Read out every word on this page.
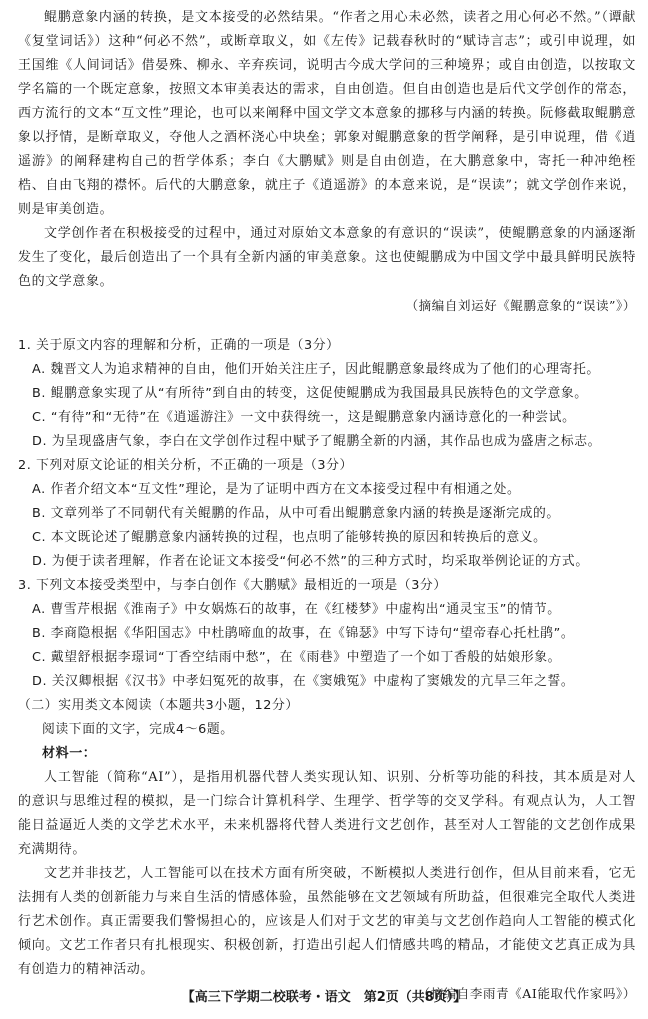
鲲鹏意象内涵的转换，是文本接受的必然结果。“作者之用心未必然，读者之用心何必不然。”（谭献《复堂词话》）这种“何必不然”，或断章取义，如《左传》记载春秋时的“赋诗言志”；或引申说理，如王国维《人间词话》借晏殊、柳永、辛弃疾词，说明古今成大学问的三种境界；或自由创造，以按取文学名篇的一个既定意象，按照文本审美表达的需求，自由创造。但自由创造也是后代文学创作的常态，西方流行的文本“互文性”理论，也可以来阐释中国文学文本意象的挪移与内涵的转换。阮修截取鲲鹏意象以抒情，是断章取义，夺他人之酒杯浇心中块垒；郭象对鲲鹏意象的哲学阐释，是引申说理，借《逍遥游》的阐释建构自己的哲学体系；李白《大鹏赋》则是自由创造，在大鹏意象中，寄托一种冲绝桎梏、自由飞翔的襟怀。后代的大鹏意象，就庄子《逍遥游》的本意来说，是“误读”；就文学创作来说，则是审美创造。

文学创作者在积极接受的过程中，通过对原始文本意象的有意识的“误读”，使鲲鹏意象的内涵逐渐发生了变化，最后创造出了一个具有全新内涵的审美意象。这也使鲲鹏成为中国文学中最具鲜明民族特色的文学意象。

（摘编自刘运好《鲲鹏意象的“误读”》）

1. 关于原文内容的理解和分析，正确的一项是（3分）

A. 魏晋文人为追求精神的自由，他们开始关注庄子，因此鲲鹏意象最终成为了他们的心理寄托。

B. 鲲鹏意象实现了从“有所待”到自由的转变，这促使鲲鹏成为我国最具民族特色的文学意象。

C. “有待”和“无待”在《逍遥游注》一文中获得统一，这是鲲鹏意象内涵诗意化的一种尝试。

D. 为呈现盛唐气象，李白在文学创作过程中赋予了鲲鹏全新的内涵，其作品也成为盛唐之标志。

2. 下列对原文论证的相关分析，不正确的一项是（3分）

A. 作者介绍文本“互文性”理论，是为了证明中西方在文本接受过程中有相通之处。

B. 文章列举了不同朝代有关鲲鹏的作品，从中可看出鲲鹏意象内涵的转换是逐渐完成的。

C. 本文既论述了鲲鹏意象内涵转换的过程，也点明了能够转换的原因和转换后的意义。

D. 为便于读者理解，作者在论证文本接受“何必不然”的三种方式时，均采取举例论证的方式。

3. 下列文本接受类型中，与李白创作《大鹏赋》最相近的一项是（3分）

A. 曹雪芹根据《淮南子》中女娲炼石的故事，在《红楼梦》中虚构出“通灵宝玉”的情节。

B. 李商隐根据《华阳国志》中杜鹃啼血的故事，在《锦瑟》中写下诗句“望帝春心托杜鹃”。

C. 戴望舒根据李璟词“丁香空结雨中愁”，在《雨巷》中塑造了一个如丁香般的姑娘形象。

D. 关汉卿根据《汉书》中孝妇冤死的故事，在《窦娥冤》中虚构了窦娥发的亢旱三年之誓。

（二）实用类文本阅读（本题共3小题，12分）

阅读下面的文字，完成4～6题。

材料一：

人工智能（简称“AI”），是指用机器代替人类实现认知、识别、分析等功能的科技，其本质是对人的意识与思维过程的模拟，是一门综合计算机科学、生理学、哲学等的交叉学科。有观点认为，人工智能日益逼近人类的文学艺术水平，未来机器将代替人类进行文艺创作，甚至对人工智能的文艺创作成果充满期待。

文艺并非技艺，人工智能可以在技术方面有所突破，不断模拟人类进行创作，但从目前来看，它无法拥有人类的创新能力与来自生活的情感体验，虽然能够在文艺领域有所助益，但很难完全取代人类进行艺术创作。真正需要我们警惕担心的，应该是人们对于文艺的审美与文艺创作趋向人工智能的模式化倾向。文艺工作者只有扎根现实、积极创新，打造出引起人们情感共鸣的精品，才能使文艺真正成为具有创造力的精神活动。

（摘编自李雨青《AI能取代作家吗》）

【高三下学期二校联考・语文　第2页（共8页）】
